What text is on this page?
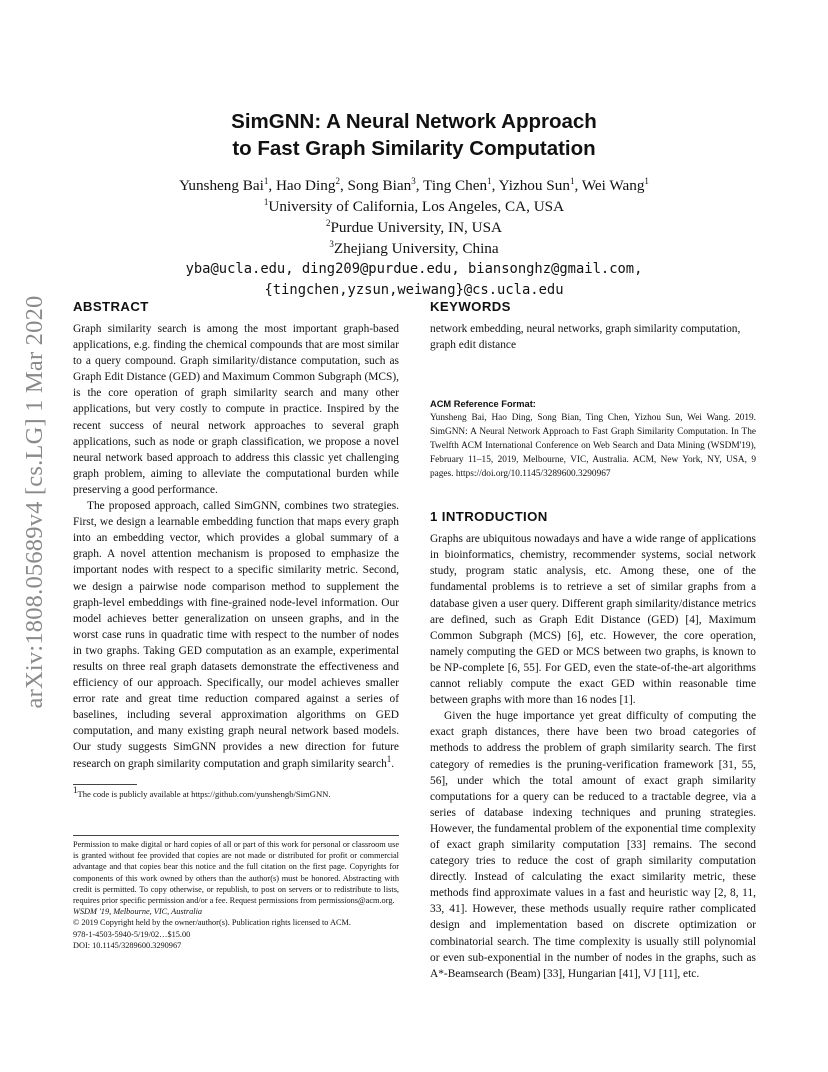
arXiv:1808.05689v4 [cs.LG] 1 Mar 2020
SimGNN: A Neural Network Approach
to Fast Graph Similarity Computation
Yunsheng Bai$^1$, Hao Ding$^2$, Song Bian$^3$, Ting Chen$^1$, Yizhou Sun$^1$, Wei Wang$^1$
$^1$University of California, Los Angeles, CA, USA
$^2$Purdue University, IN, USA
$^3$Zhejiang University, China
yba@ucla.edu, ding209@purdue.edu, biansonghz@gmail.com,
{tingchen,yzsun,weiwang}@cs.ucla.edu
ABSTRACT

Graph similarity search is among the most important graph-based applications, e.g. finding the chemical compounds that are most similar to a query compound. Graph similarity/distance computation, such as Graph Edit Distance (GED) and Maximum Common Subgraph (MCS), is the core operation of graph similarity search and many other applications, but very costly to compute in practice. Inspired by the recent success of neural network approaches to several graph applications, such as node or graph classification, we propose a novel neural network based approach to address this classic yet challenging graph problem, aiming to alleviate the computational burden while preserving a good performance.

The proposed approach, called SimGNN, combines two strategies. First, we design a learnable embedding function that maps every graph into an embedding vector, which provides a global summary of a graph. A novel attention mechanism is proposed to emphasize the important nodes with respect to a specific similarity metric. Second, we design a pairwise node comparison method to supplement the graph-level embeddings with fine-grained node-level information. Our model achieves better generalization on unseen graphs, and in the worst case runs in quadratic time with respect to the number of nodes in two graphs. Taking GED computation as an example, experimental results on three real graph datasets demonstrate the effectiveness and efficiency of our approach. Specifically, our model achieves smaller error rate and great time reduction compared against a series of baselines, including several approximation algorithms on GED computation, and many existing graph neural network based models. Our study suggests SimGNN provides a new direction for future research on graph similarity computation and graph similarity search$^1$.

$^1$The code is publicly available at https://github.com/yunshengb/SimGNN.
Permission to make digital or hard copies of all or part of this work for personal or classroom use is granted without fee provided that copies are not made or distributed for profit or commercial advantage and that copies bear this notice and the full citation on the first page. Copyrights for components of this work owned by others than the author(s) must be honored. Abstracting with credit is permitted. To copy otherwise, or republish, to post on servers or to redistribute to lists, requires prior specific permission and/or a fee. Request permissions from permissions@acm.org.
WSDM '19, Melbourne, VIC, Australia
© 2019 Copyright held by the owner/author(s). Publication rights licensed to ACM.
978-1-4503-5940-5/19/02…$15.00
DOI: 10.1145/3289600.3290967
KEYWORDS

network embedding, neural networks, graph similarity computation, graph edit distance

ACM Reference Format:
Yunsheng Bai, Hao Ding, Song Bian, Ting Chen, Yizhou Sun, Wei Wang. 2019. SimGNN: A Neural Network Approach to Fast Graph Similarity Computation. In The Twelfth ACM International Conference on Web Search and Data Mining (WSDM'19), February 11–15, 2019, Melbourne, VIC, Australia. ACM, New York, NY, USA, 9 pages. https://doi.org/10.1145/3289600.3290967
1 INTRODUCTION

Graphs are ubiquitous nowadays and have a wide range of applications in bioinformatics, chemistry, recommender systems, social network study, program static analysis, etc. Among these, one of the fundamental problems is to retrieve a set of similar graphs from a database given a user query. Different graph similarity/distance metrics are defined, such as Graph Edit Distance (GED) [4], Maximum Common Subgraph (MCS) [6], etc. However, the core operation, namely computing the GED or MCS between two graphs, is known to be NP-complete [6, 55]. For GED, even the state-of-the-art algorithms cannot reliably compute the exact GED within reasonable time between graphs with more than 16 nodes [1].

Given the huge importance yet great difficulty of computing the exact graph distances, there have been two broad categories of methods to address the problem of graph similarity search. The first category of remedies is the pruning-verification framework [31, 55, 56], under which the total amount of exact graph similarity computations for a query can be reduced to a tractable degree, via a series of database indexing techniques and pruning strategies. However, the fundamental problem of the exponential time complexity of exact graph similarity computation [33] remains. The second category tries to reduce the cost of graph similarity computation directly. Instead of calculating the exact similarity metric, these methods find approximate values in a fast and heuristic way [2, 8, 11, 33, 41]. However, these methods usually require rather complicated design and implementation based on discrete optimization or combinatorial search. The time complexity is usually still polynomial or even sub-exponential in the number of nodes in the graphs, such as A*-Beamsearch (Beam) [33], Hungarian [41], VJ [11], etc.
